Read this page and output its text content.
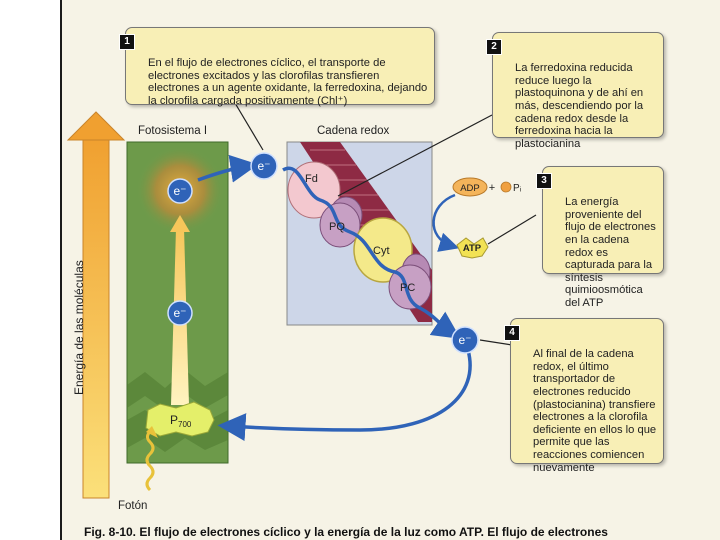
e⁻
e⁻
e⁻
e⁻
$P_{700}$
Fd
PQ
Cyt
PC
ADP + Pᵢ
ATP
Fotosistema I	Cadena redox
Energía de las moléculas
Fotón

1

En el flujo de electrones cíclico, el transporte de electrones excitados y las clorofilas transfieren electrones a un agente oxidante, la ferredoxina, dejando la clorofila cargada positivamente (Chl⁺)

2

La ferredoxina reducida reduce luego la plastoquinona y de ahí en más, descendiendo por la cadena redox desde la ferredoxina hacia la plastocianina

3

La energía proveniente del flujo de electrones en la cadena redox es capturada para la síntesis quimioosmótica del ATP

4

Al final de la cadena redox, el último transportador de electrones reducido (plastocianina) transfiere electrones a la clorofila deficiente en ellos lo que permite que las reacciones comiencen nuevamente

Fig. 8-10. El flujo de electrones cíclico y la energía de la luz como ATP. El flujo de electrones
